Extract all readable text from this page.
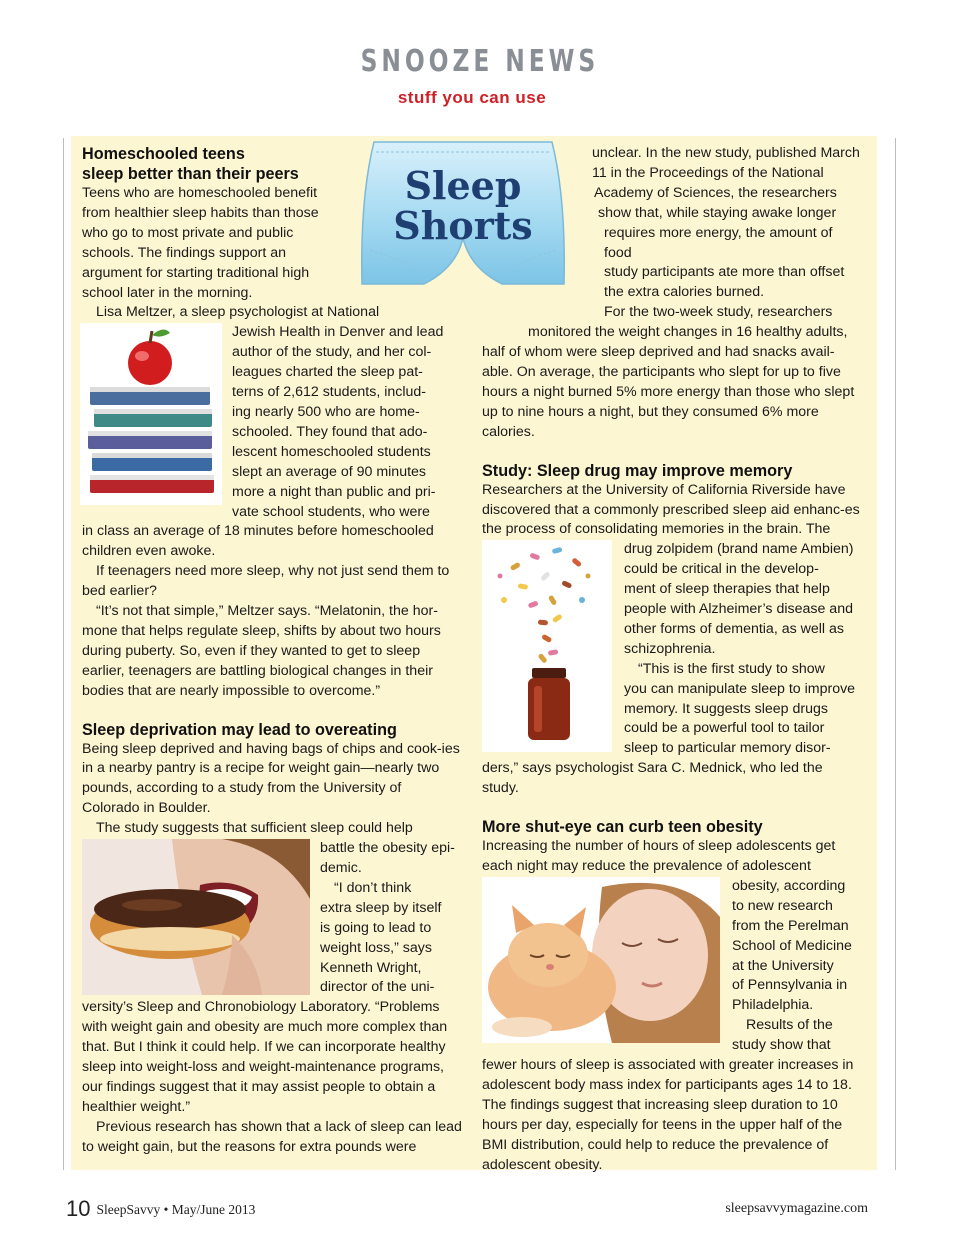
SNOOZE NEWS
stuff you can use
Sleep
Shorts
Homeschooled teens
sleep better than their peers
Teens who are homeschooled benefit
from healthier sleep habits than those
who go to most private and public
schools. The findings support an
argument for starting traditional high
school later in the morning.

Lisa Meltzer, a sleep psychologist at National

Jewish Health in Denver and lead
author of the study, and her col-
leagues charted the sleep pat-
terns of 2,612 students, includ-
ing nearly 500 who are home-
schooled. They found that ado-
lescent homeschooled students
slept an average of 90 minutes
more a night than public and pri-
vate school students, who were

in class an average of 18 minutes before homeschooled children even awoke.

If teenagers need more sleep, why not just send them to bed earlier?

“It’s not that simple,” Meltzer says. “Melatonin, the hor-mone that helps regulate sleep, shifts by about two hours during puberty. So, even if they wanted to get to sleep earlier, teenagers are battling biological changes in their bodies that are nearly impossible to overcome.”

Sleep deprivation may lead to overeating

Being sleep deprived and having bags of chips and cook-ies in a nearby pantry is a recipe for weight gain—nearly two pounds, according to a study from the University of Colorado in Boulder.

The study suggests that sufficient sleep could help

battle the obesity epi-
demic.
“I don’t think
extra sleep by itself
is going to lead to
weight loss,” says
Kenneth Wright,
director of the uni-

versity’s Sleep and Chronobiology Laboratory. “Problems with weight gain and obesity are much more complex than that. But I think it could help. If we can incorporate healthy sleep into weight-loss and weight-maintenance programs, our findings suggest that it may assist people to obtain a healthier weight.”

Previous research has shown that a lack of sleep can lead to weight gain, but the reasons for extra pounds were

unclear. In the new study, published March
11 in the Proceedings of the National
Academy of Sciences, the researchers
show that, while staying awake longer
requires more energy, the amount of food
study participants ate more than offset
the extra calories burned.
For the two-week study, researchers
monitored the weight changes in 16 healthy adults,

half of whom were sleep deprived and had snacks avail-able. On average, the participants who slept for up to five hours a night burned 5% more energy than those who slept up to nine hours a night, but they consumed 6% more calories.

Study: Sleep drug may improve memory

Researchers at the University of California Riverside have discovered that a commonly prescribed sleep aid enhanc-es the process of consolidating memories in the brain. The

drug zolpidem (brand name Ambien)
could be critical in the develop-
ment of sleep therapies that help
people with Alzheimer’s disease and
other forms of dementia, as well as
schizophrenia.
“This is the first study to show
you can manipulate sleep to improve
memory. It suggests sleep drugs
could be a powerful tool to tailor
sleep to particular memory disor-

ders,” says psychologist Sara C. Mednick, who led the study.

More shut-eye can curb teen obesity

Increasing the number of hours of sleep adolescents get each night may reduce the prevalence of adolescent

obesity, according
to new research
from the Perelman
School of Medicine
at the University
of Pennsylvania in
Philadelphia.
Results of the
study show that

fewer hours of sleep is associated with greater increases in adolescent body mass index for participants ages 14 to 18. The findings suggest that increasing sleep duration to 10 hours per day, especially for teens in the upper half of the BMI distribution, could help to reduce the prevalence of adolescent obesity.

10 SleepSavvy • May/June 2013	sleepsavvymagazine.com
